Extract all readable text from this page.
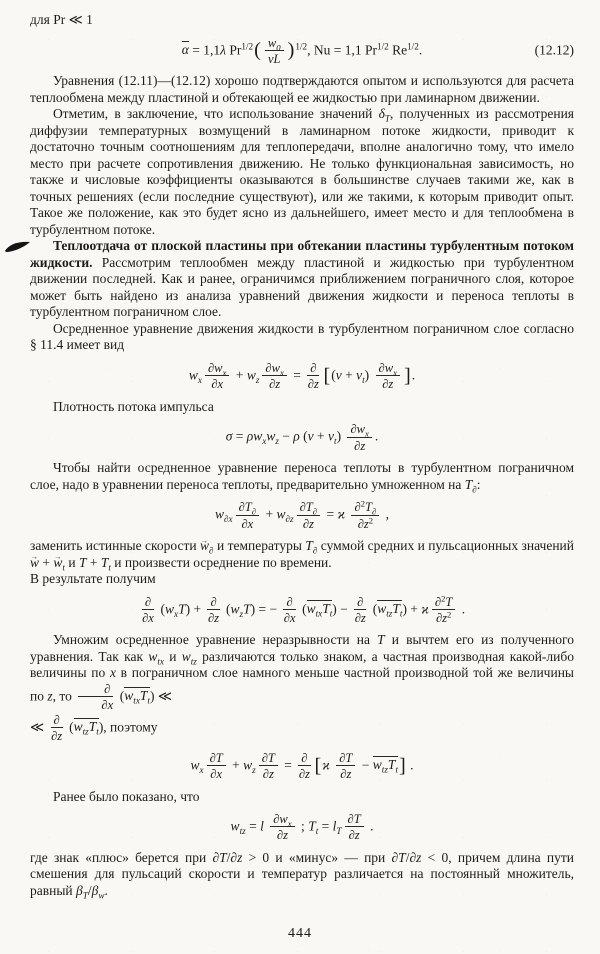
для Pr ≪ 1
α = 1,1λ $Pr^{1/2}( \frac{w_0}{\nu L} )^{1/2}$, Nu = 1,1 $Pr^{1/2}$ $Re^{1/2}$.	(12.12)
Уравнения (12.11)—(12.12) хорошо подтверждаются опытом и используются для расчета теплообмена между пластиной и обтекающей ее жидкостью при ламинарном движении.
Отметим, в заключение, что использование значений $\delta_T$, полученных из рассмотрения диффузии температурных возмущений в ламинарном потоке жидкости, приводит к достаточно точным соотношениям для теплопередачи, вполне аналогично тому, что имело место при расчете сопротивления движению. Не только функциональная зависимость, но также и числовые коэффициенты оказываются в большинстве случаев такими же, как в точных решениях (если последние существуют), или же такими, к которым приводит опыт. Такое же положение, как это будет ясно из дальнейшего, имеет место и для теплообмена в турбулентном потоке.
Теплоотдача от плоской пластины при обтекании пластины турбулентным потоком жидкости. Рассмотрим теплообмен между пластиной и жидкостью при турбулентном движении последней. Как и ранее, ограничимся приближением пограничного слоя, которое может быть найдено из анализа уравнений движения жидкости и переноса теплоты в турбулентном пограничном слое.
Осредненное уравнение движения жидкости в турбулентном пограничном слое согласно § 11.4 имеет вид
$w_x \frac{\partial w_x}{\partial x} + w_z \frac{\partial w_x}{\partial z}$ = ∂
∂z [$(\nu + \nu_t) \frac{\partial w_x}{\partial z}$ ].
Плотность потока импульса
$\sigma = \rho w_xw_z - \rho$ $(\nu + \nu_t) \frac{\partial w_x}{\partial z}$ .
Чтобы найти осредненное уравнение переноса теплоты в турбулентном пограничном слое, надо в уравнении переноса теплоты, предварительно умноженном на $T_\partial$:
$w_{\partial x} \frac{\partial T_\partial}{\partial x} + w_{\partial z} \frac{\partial T_\partial}{\partial z} = ϰ \frac{\partial^2T_\partial}{\partial z^2}$ ,
заменить истинные скорости $w \to_\partial$ и температуры $T_\partial$ суммой средних и пульсационных значений w → + $w \to_t$ и $T + T_t$ и произвести осреднение по времени.
В результате получим
∂
∂x
$(w_xT)$ + ∂
∂z
$(w_zT)$ = − ∂
∂x
$(w_{tx}T_t)$ − ∂
∂z
$(w_{tz}T_t) + ϰ \frac{\partial^2T}{\partial z^2}$ .
Умножим осредненное уравнение неразрывности на T и вычтем его из полученного уравнения. Так как $w_{tx}$ и $w_{tz}$ различаются только знаком, а частная производная какой-либо величины по x в пограничном слое намного меньше частной производной той же величины по z, то	∂
∂x
$(w_{tx}T_t)$ ≪
≪ ∂
∂z
$(w_{tz}T_t)$, поэтому
$w_x \frac{\partial T}{\partial x} + w_z \frac{\partial T}{\partial z}$ = ∂
∂z $[ϰ \frac{\partial T}{\partial z} - w_{tz}T_t]$ .
Ранее было показано, что
$w_{tz} = l \frac{\partial w_x}{\partial z}$ ; $T_t = l_T \frac{\partial T}{\partial z}$ .
где знак «плюс» берется при ∂T/∂z > 0 и «минус» — при ∂T/∂z < 0, причем длина пути смешения для пульсаций скорости и температур различается на постоянный множитель, равный $\beta_T/\beta_w$.
444
